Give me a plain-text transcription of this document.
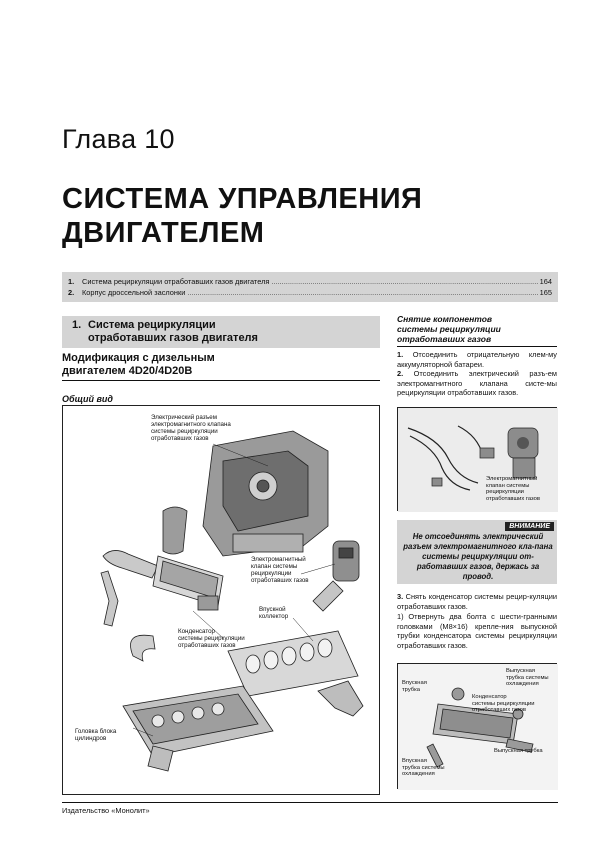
Глава 10
СИСТЕМА УПРАВЛЕНИЯ
ДВИГАТЕЛЕМ
1.	Система рециркуляции отработавших газов двигателя .....	164
2.	Корпус дроссельной заслонки .....	165
1. Система рециркуляции
отработавших газов двигателя
Модификация с дизельным
двигателем 4D20/4D20B
Общий вид
Электрический разъем
электромагнитного клапана
системы рециркуляции
отработавших газов
Электромагнитный
клапан системы
рециркуляции
отработавших газов
Впускной
коллектор
Конденсатор
системы рециркуляции
отработавших газов
Головка блока
цилиндров
Снятие компонентов
системы рециркуляции
отработавших газов
1. Отсоединить отрицательную клем-му аккумуляторной батареи.
2. Отсоединить электрический разъ-ем электромагнитного клапана систе-мы рециркуляции отработавших газов.
Электромагнитный
клапан системы
рециркуляции
отработавших газов
ВНИМАНИЕ
Не отсоединять электрический разъем электромагнитного кла-пана системы рециркуляции от-работавших газов, держась за провод.
3. Снять конденсатор системы рецир-куляции отработавших газов.
1) Отвернуть два болта с шести-гранными головками (M8×16) крепле-ния выпускной трубки конденсатора системы рециркуляции отработавших газов.
Впускная
трубка
Выпускная
трубка системы
охлаждения
Конденсатор
системы рециркуляции
отработавших газов
Выпускная трубка
Впускная
трубка системы
охлаждения
Издательство «Монолит»
